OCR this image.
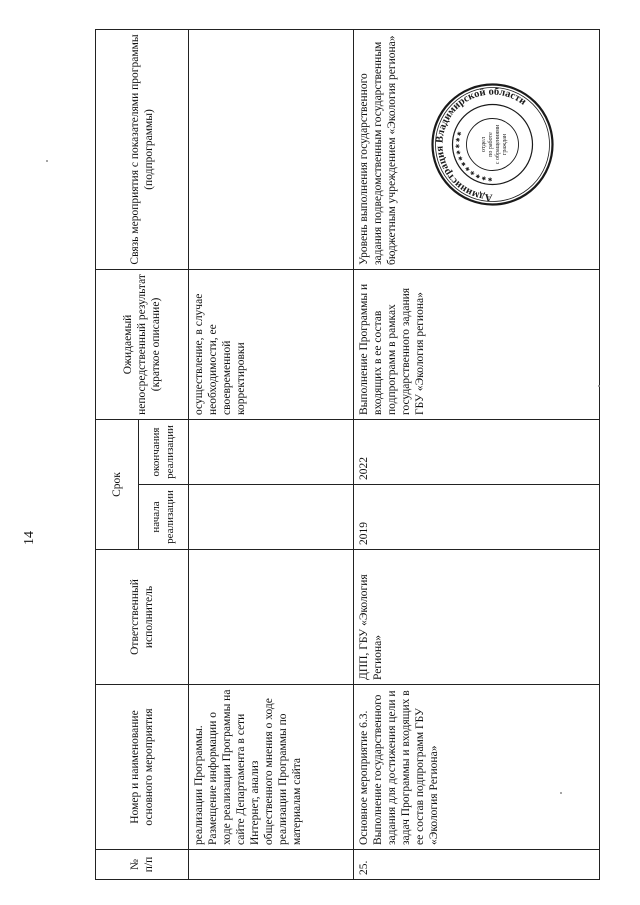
14
№ п/п	Номер и наименование основного мероприятия	Ответственный исполнитель	Срок		Ожидаемый непосредственный результат (краткое описание)	Связь мероприятия с показателями программы (подпрограммы)
			начала реализации	окончания реализации		
	реализации Программы. Размещение информации о ходе реализации Программы на сайте Департамента в сети Интернет, анализ общественного мнения о ходе реализации Программы по материалам сайта				осуществление, в случае необходимости, ее своевременной корректировки	
25.	Основное мероприятие 6.3. Выполнение государственного задания для достижения цели и задач Программы и входящих в ее состав подпрограмм ГБУ «Экология Региона»	ДПП, ГБУ «Экология Региона»	2019	2022	Выполнение Программы и входящих в ее состав подпрограмм в рамках государственного задания ГБУ «Экология региона»	Уровень выполнения государственного задания подведомственным государственным бюджетным учреждением «Экология региона»	Администрация Владимирской области
✱ ✱ ✱ ✱ ✱ ✱ ✱ ✱ ✱ ✱ ✱
отдел по работе с обращениями граждан
